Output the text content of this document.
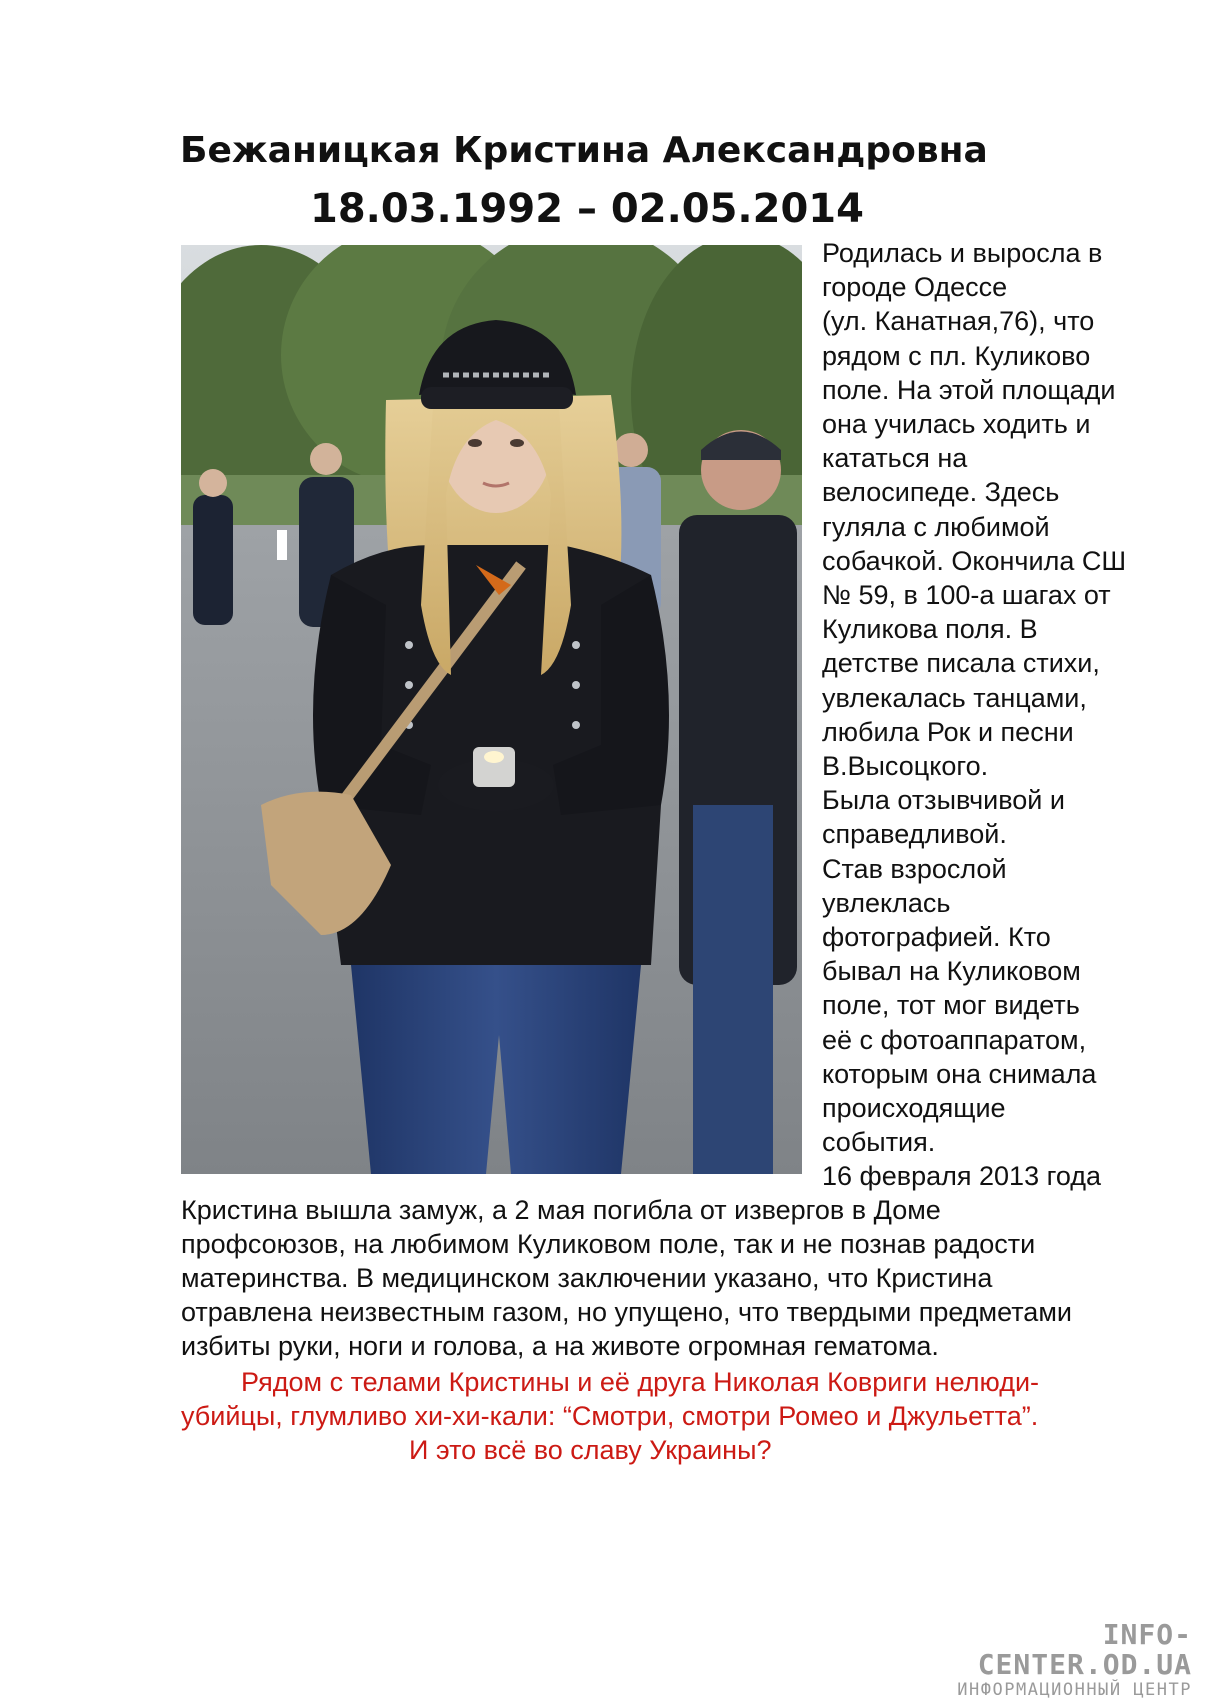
Бежаницкая Кристина Александровна
18.03.1992 – 02.05.2014
Родилась и выросла в
городе Одессе
(ул. Канатная,76), что
рядом с пл. Куликово
поле. На этой площади
она училась ходить и
кататься на
велосипеде. Здесь
гуляла с любимой
собачкой. Окончила СШ
№ 59, в 100-а шагах от
Куликова поля. В
детстве писала стихи,
увлекалась танцами,
любила Рок и песни
В.Высоцкого.
Была отзывчивой и
справедливой.
Став взрослой
увлеклась
фотографией. Кто
бывал на Куликовом
поле, тот мог видеть
её с фотоаппаратом,
которым она снимала
происходящие
события.
16 февраля 2013 года
Кристина вышла замуж, а 2 мая погибла от извергов в Доме
профсоюзов, на любимом Куликовом поле, так и не познав радости
материнства. В медицинском заключении указано, что Кристина
отравлена неизвестным газом, но упущено, что твердыми предметами
избиты руки, ноги и голова, а на животе огромная гематома.
Рядом с телами Кристины и её друга Николая Ковриги нелюди-
убийцы, глумливо хи-хи-кали: “Смотри, смотри Ромео и Джульетта”.
И это всё во славу Украины?
INFO-CENTER.OD.UA
ИНФОРМАЦИОННЫЙ ЦЕНТР
